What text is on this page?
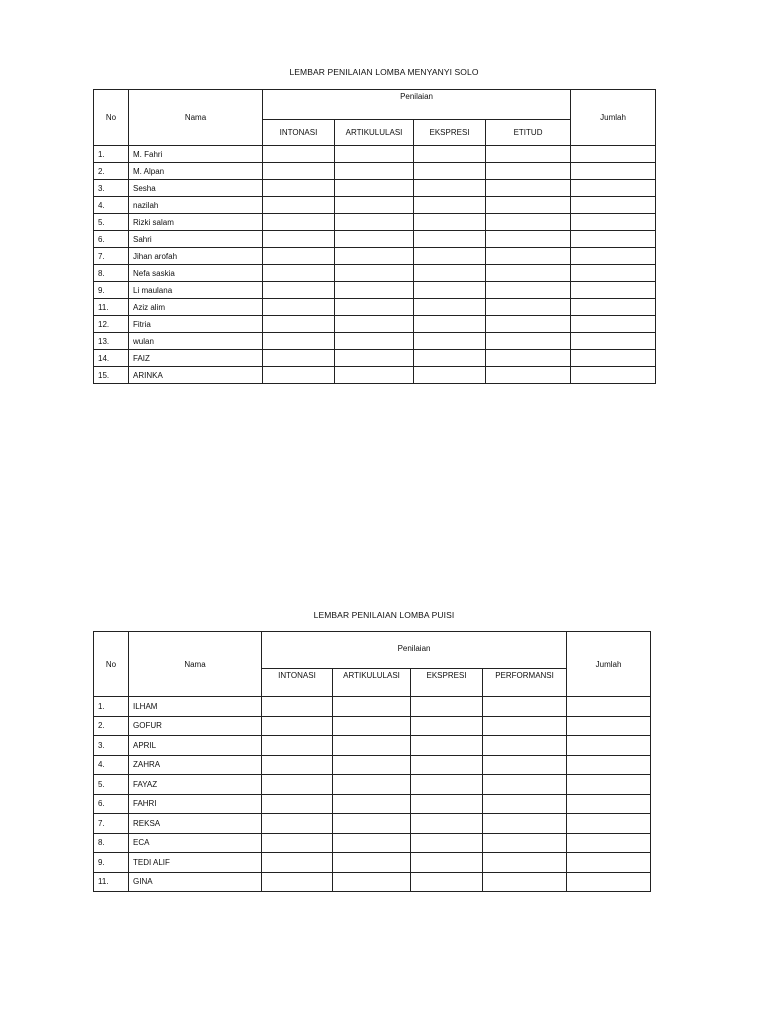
LEMBAR PENILAIAN LOMBA MENYANYI SOLO
No	Nama	Penilaian				Jumlah
		INTONASI	ARTIKULULASI	EKSPRESI	ETITUD	
1.	M. Fahri					
2.	M. Alpan					
3.	Sesha					
4.	nazilah					
5.	Rizki salam					
6.	Sahri					
7.	Jihan arofah					
8.	Nefa saskia					
9.	Li maulana					
11.	Aziz alim					
12.	Fitria					
13.	wulan					
14.	FAIZ					
15.	ARINKA					
LEMBAR PENILAIAN LOMBA PUISI
No	Nama	Penilaian				Jumlah
		INTONASI	ARTIKULULASI	EKSPRESI	PERFORMANSI	
1.	ILHAM					
2.	GOFUR					
3.	APRIL					
4.	ZAHRA					
5.	FAYAZ					
6.	FAHRI					
7.	REKSA					
8.	ECA					
9.	TEDI ALIF					
11.	GINA					
